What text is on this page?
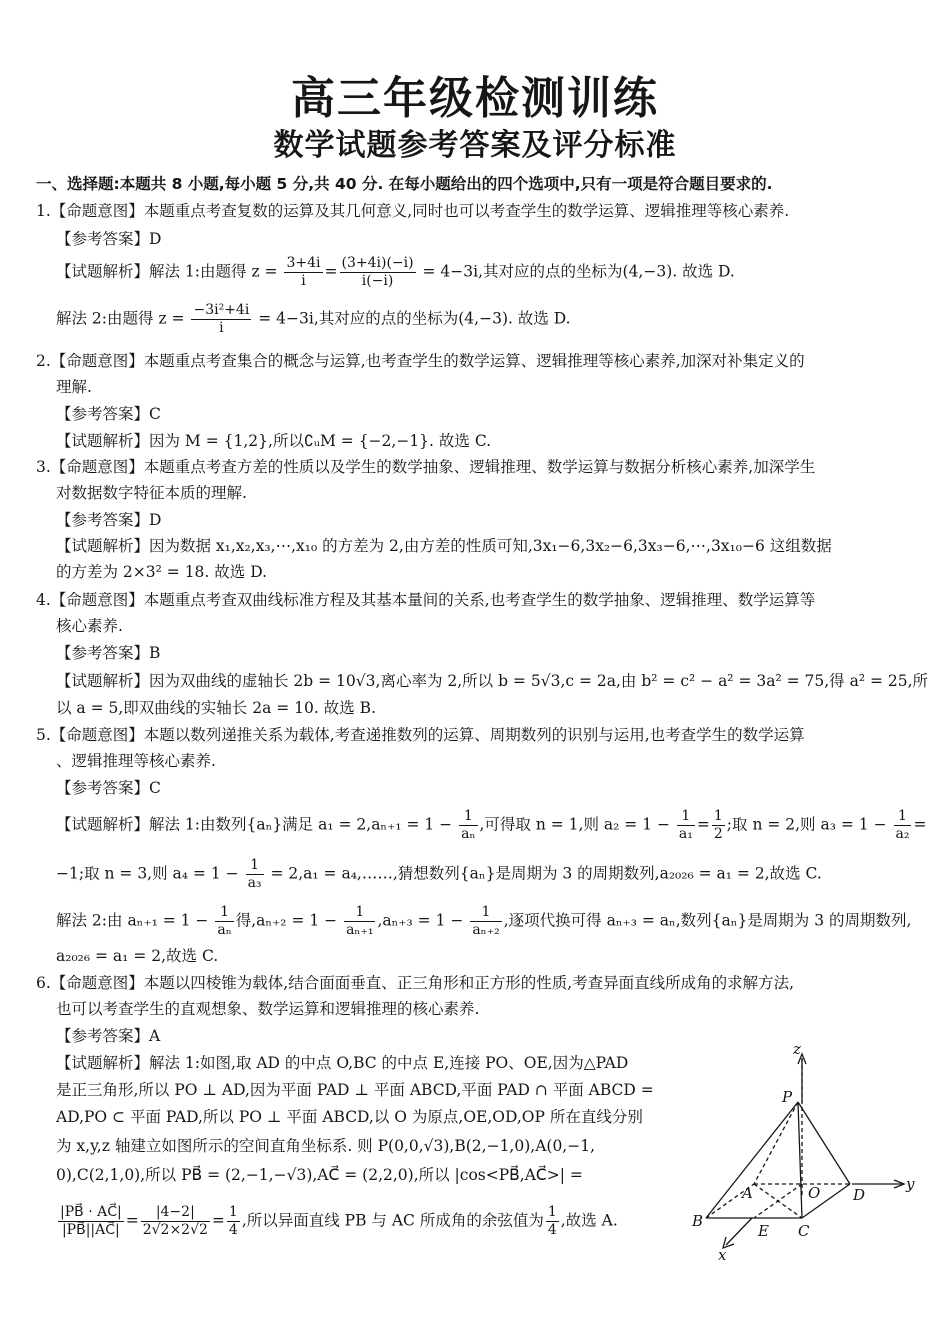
高三年级检测训练
数学试题参考答案及评分标准
一、选择题:本题共 8 小题,每小题 5 分,共 40 分. 在每小题给出的四个选项中,只有一项是符合题目要求的.
1.【命题意图】本题重点考查复数的运算及其几何意义,同时也可以考查学生的数学运算、逻辑推理等核心素养.
【参考答案】D
【试题解析】解法 1:由题得 $z = \frac{3+4i}{i} = \frac{(3+4i)(-i)}{i(-i)} = 4-3i$,其对应的点的坐标为(4,−3). 故选 D.
解法 2:由题得 $z = \frac{\text{−3i²+4i}}{i} = 4-3i$,其对应的点的坐标为(4,−3). 故选 D.
2.【命题意图】本题重点考查集合的概念与运算,也考查学生的数学运算、逻辑推理等核心素养,加深对补集定义的
理解.
【参考答案】C
【试题解析】因为 M = {1,2},所以∁ᵤM = {−2,−1}. 故选 C.
3.【命题意图】本题重点考查方差的性质以及学生的数学抽象、逻辑推理、数学运算与数据分析核心素养,加深学生
对数据数字特征本质的理解.
【参考答案】D
【试题解析】因为数据 x₁,x₂,x₃,⋯,x₁₀ 的方差为 2,由方差的性质可知,3x₁−6,3x₂−6,3x₃−6,⋯,3x₁₀−6 这组数据
的方差为 2×3² = 18. 故选 D.
4.【命题意图】本题重点考查双曲线标准方程及其基本量间的关系,也考查学生的数学抽象、逻辑推理、数学运算等
核心素养.
【参考答案】B
【试题解析】因为双曲线的虚轴长 2b = 10√3,离心率为 2,所以 b = 5√3,c = 2a,由 b² = c² − a² = 3a² = 75,得 a² = 25,所
以 a = 5,即双曲线的实轴长 2a = 10. 故选 B.
5.【命题意图】本题以数列递推关系为载体,考查递推数列的运算、周期数列的识别与运用,也考查学生的数学运算
、逻辑推理等核心素养.
【参考答案】C
【试题解析】解法 1:由数列{aₙ}满足 $a_1 = 2,a_{n+1} = 1 - \frac{1}{\text{aₙ}}$ ,可得取 n = 1,则 $a_2 = 1 - \frac{1}{\text{a₁}} = \frac{1}{2}$ ;取 n = 2,则 $a_3 = 1 - \frac{1}{\text{a₂}}$ =
−1;取 n = 3,则 $a_4 = 1 - \frac{1}{\text{a₃}} = 2,a_1$ = a₄,……,猜想数列{aₙ}是周期为 3 的周期数列,a₂₀₂₆ = a₁ = 2,故选 C.
解法 2:由 $a_{n+1} = 1 - \frac{1}{\text{aₙ}}$ 得$,a_{n+2} = 1 - \frac{1}{\text{aₙ₊₁}} ,a_{n+3} = 1 - \frac{1}{\text{aₙ₊₂}}$ ,逐项代换可得 aₙ₊₃ = aₙ,数列{aₙ}是周期为 3 的周期数列,
a₂₀₂₆ = a₁ = 2,故选 C.
6.【命题意图】本题以四棱锥为载体,结合面面垂直、正三角形和正方形的性质,考查异面直线所成角的求解方法,
也可以考查学生的直观想象、数学运算和逻辑推理的核心素养.
【参考答案】A
【试题解析】解法 1:如图,取 AD 的中点 O,BC 的中点 E,连接 PO、OE,因为△PAD
是正三角形,所以 PO ⊥ AD,因为平面 PAD ⊥ 平面 ABCD,平面 PAD ∩ 平面 ABCD =
AD,PO ⊂ 平面 PAD,所以 PO ⊥ 平面 ABCD,以 O 为原点,OE,OD,OP 所在直线分别
为 x,y,z 轴建立如图所示的空间直角坐标系. 则 P(0,0,√3),B(2,−1,0),A(0,−1,
0),C(2,1,0),所以 PB⃗ = (2,−1,−√3),AC⃗ = (2,2,0),所以 |cos<PB⃗,AC⃗>| =
$\frac{|PB⃗ \cdot AC⃗|}{|PB⃗||AC⃗|} = \frac{|4-2|}{2√2\times 2√2} = \frac{1}{4}$ ,所以异面直线 PB 与 AC 所成角的余弦值为 $\frac{1}{4}$ ,故选 A.
z
y
x
P
A	O D
B
E C
